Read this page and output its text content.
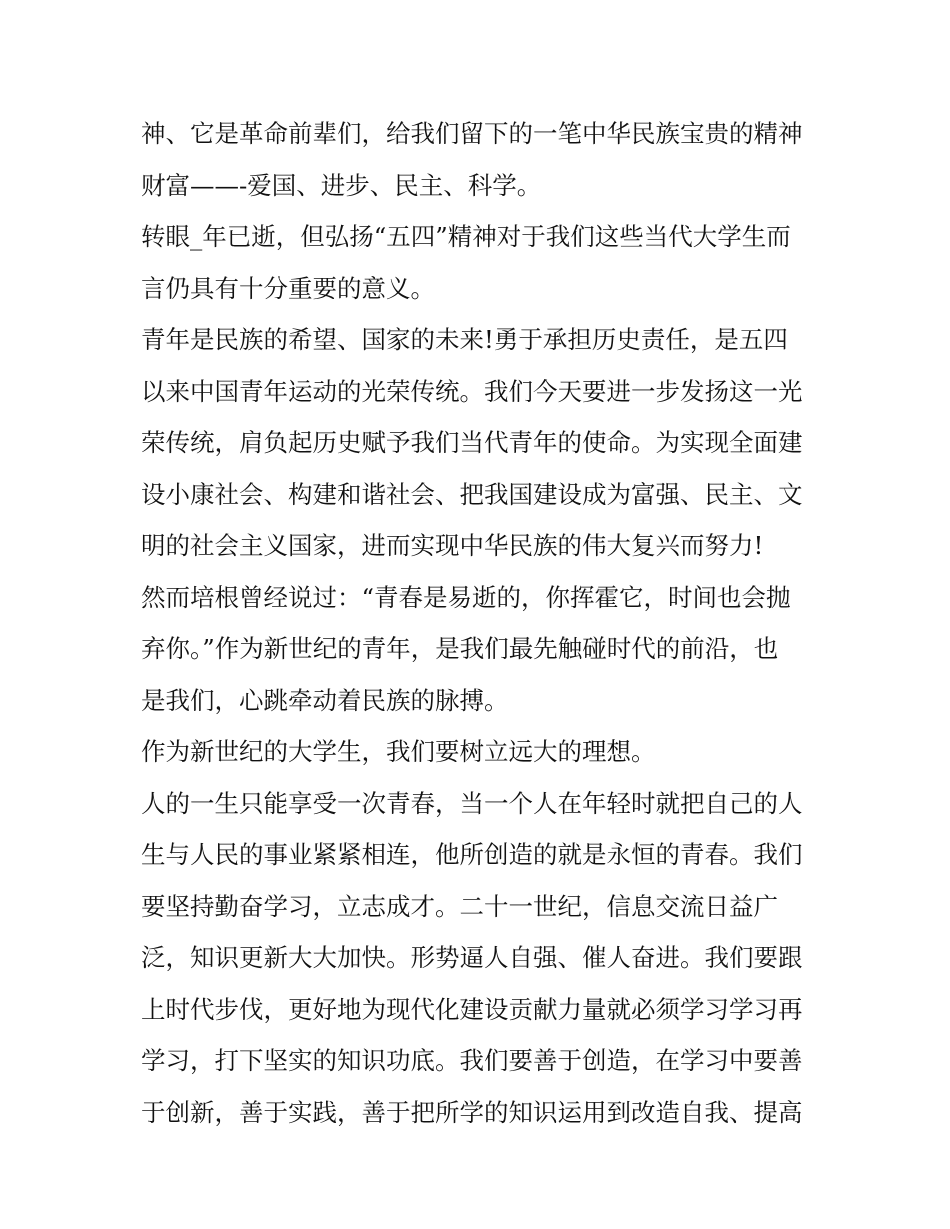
神、它是革命前辈们，给我们留下的一笔中华民族宝贵的精神
财富——-爱国、进步、民主、科学。
转眼_年已逝，但弘扬“五四”精神对于我们这些当代大学生而
言仍具有十分重要的意义。
青年是民族的希望、国家的未来!勇于承担历史责任，是五四
以来中国青年运动的光荣传统。我们今天要进一步发扬这一光
荣传统，肩负起历史赋予我们当代青年的使命。为实现全面建
设小康社会、构建和谐社会、把我国建设成为富强、民主、文
明的社会主义国家，进而实现中华民族的伟大复兴而努力!
然而培根曾经说过：“青春是易逝的，你挥霍它，时间也会抛
弃你。”作为新世纪的青年，是我们最先触碰时代的前沿，也
是我们，心跳牵动着民族的脉搏。
作为新世纪的大学生，我们要树立远大的理想。
人的一生只能享受一次青春，当一个人在年轻时就把自己的人
生与人民的事业紧紧相连，他所创造的就是永恒的青春。我们
要坚持勤奋学习，立志成才。二十一世纪，信息交流日益广
泛，知识更新大大加快。形势逼人自强、催人奋进。我们要跟
上时代步伐，更好地为现代化建设贡献力量就必须学习学习再
学习，打下坚实的知识功底。我们要善于创造，在学习中要善
于创新，善于实践，善于把所学的知识运用到改造自我、提高
